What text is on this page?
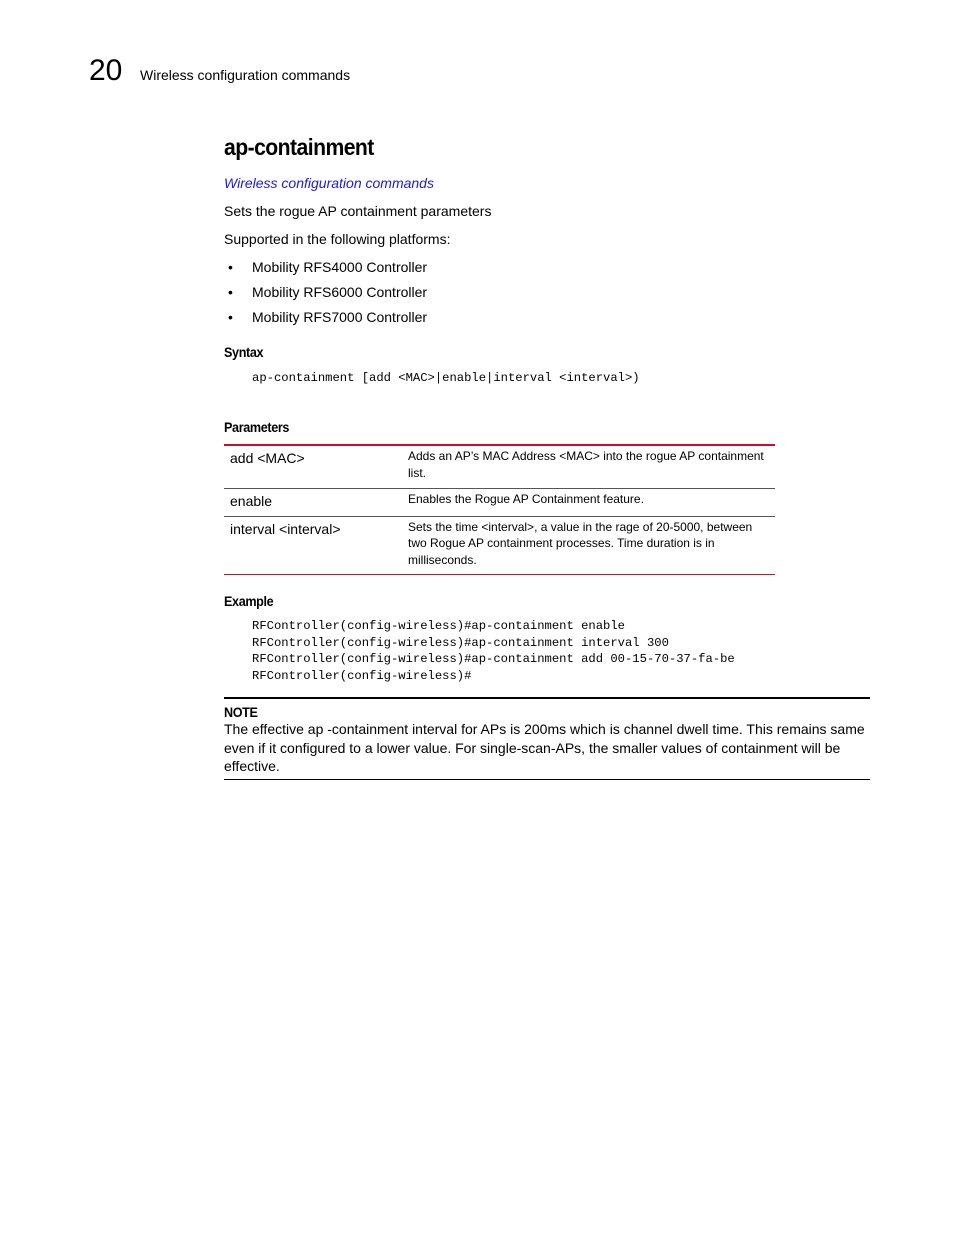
20 Wireless configuration commands
ap-containment
Wireless configuration commands
Sets the rogue AP containment parameters
Supported in the following platforms:
• Mobility RFS4000 Controller
• Mobility RFS6000 Controller
• Mobility RFS7000 Controller
Syntax
ap-containment [add <MAC>|enable|interval <interval>)
Parameters
add <MAC>	Adds an AP’s MAC Address <MAC> into the rogue AP containment list.
enable	Enables the Rogue AP Containment feature.
interval <interval>	Sets the time <interval>, a value in the rage of 20-5000, between two Rogue AP containment processes. Time duration is in milliseconds.
Example
RFController(config-wireless)#ap-containment enable
RFController(config-wireless)#ap-containment interval 300
RFController(config-wireless)#ap-containment add 00-15-70-37-fa-be
RFController(config-wireless)#
NOTE
The effective ap -containment interval for APs is 200ms which is channel dwell time. This remains same even if it configured to a lower value. For single-scan-APs, the smaller values of containment will be effective.
